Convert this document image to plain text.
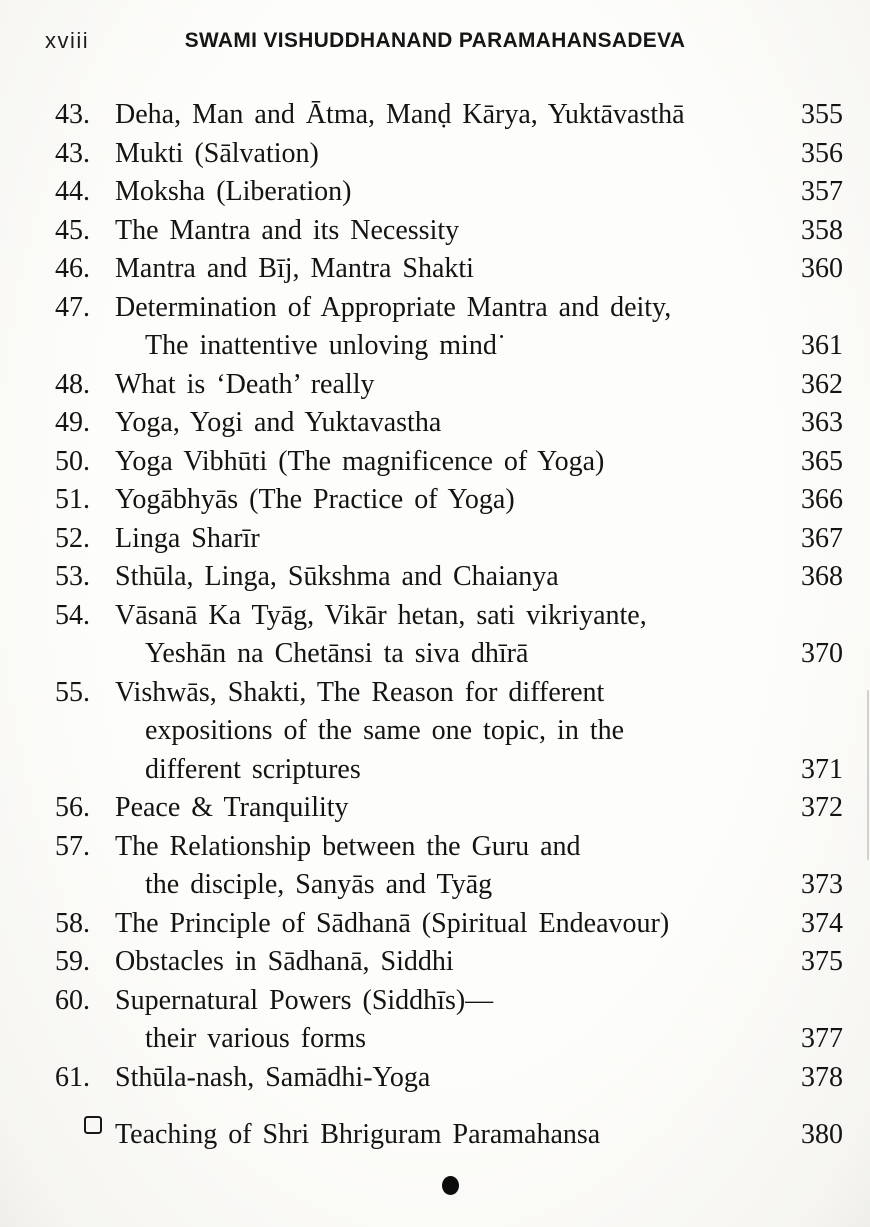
xviii	SWAMI VISHUDDHANAND PARAMAHANSADEVA
43. Deha, Man and Ātma, Manḍ Kārya, Yuktāvasthā	355
43. Mukti (Sālvation)	356
44. Moksha (Liberation)	357
45. The Mantra and its Necessity	358
46. Mantra and Bīj, Mantra Shakti	360
47. Determination of Appropriate Mantra and deity,
The inattentive unloving mind˙	361
48. What is ‘Death’ really	362
49. Yoga, Yogi and Yuktavastha	363
50. Yoga Vibhūti (The magnificence of Yoga)	365
51. Yogābhyās (The Practice of Yoga)	366
52. Linga Sharīr	367
53. Sthūla, Linga, Sūkshma and Chaianya	368
54. Vāsanā Ka Tyāg, Vikār hetan, sati vikriyante,
Yeshān na Chetānsi ta siva dhīrā	370
55. Vishwās, Shakti, The Reason for different
expositions of the same one topic, in the
different scriptures	371
56. Peace & Tranquility	372
57. The Relationship between the Guru and
the disciple, Sanyās and Tyāg	373
58. The Principle of Sādhanā (Spiritual Endeavour)	374
59. Obstacles in Sādhanā, Siddhi	375
60. Supernatural Powers (Siddhīs)—
their various forms	377
61. Sthūla-nash, Samādhi-Yoga	378
Teaching of Shri Bhriguram Paramahansa	380
